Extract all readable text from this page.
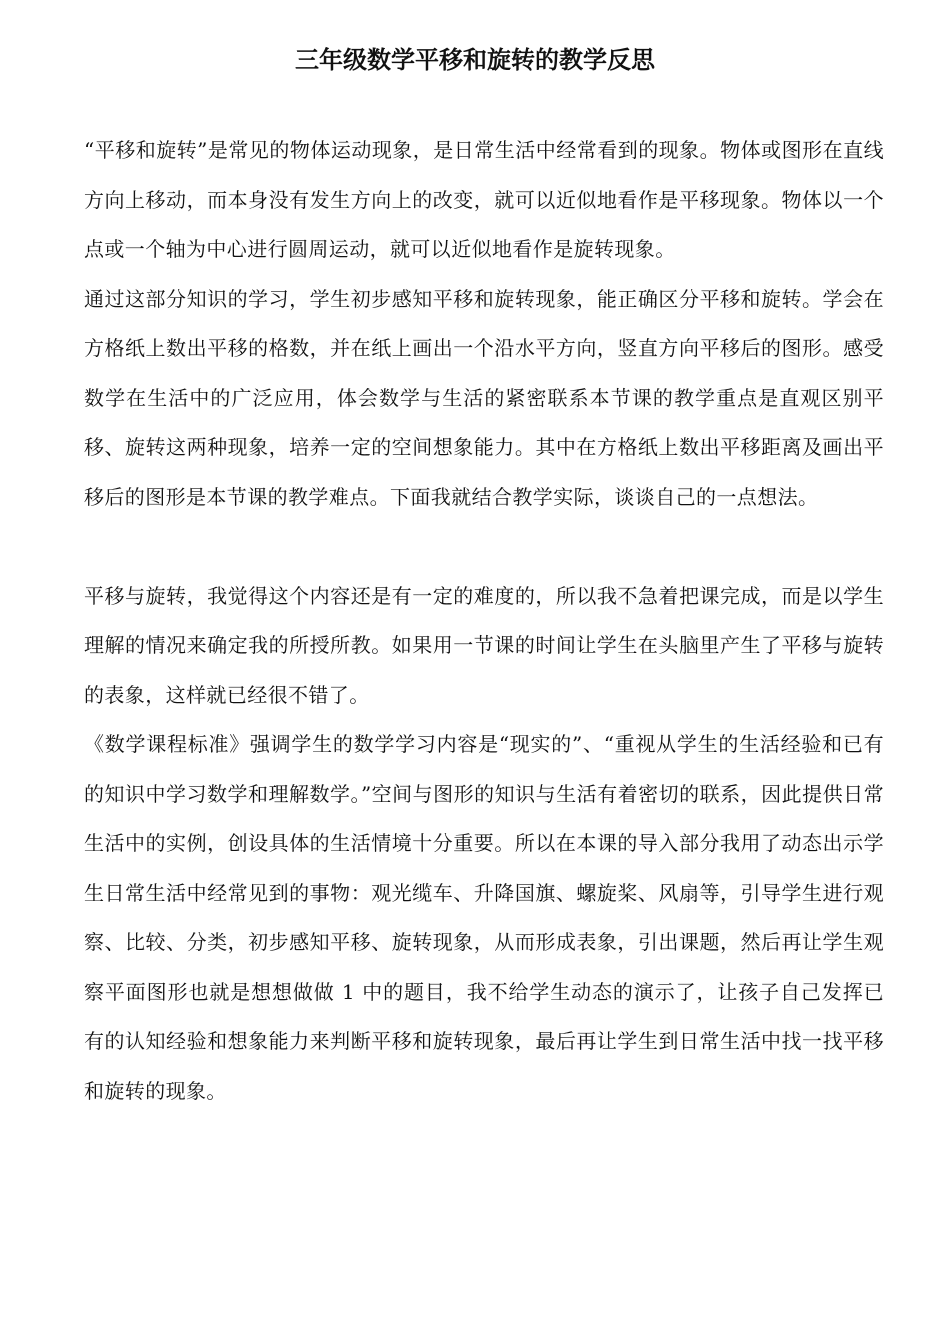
三年级数学平移和旋转的教学反思

“平移和旋转”是常见的物体运动现象，是日常生活中经常看到的现象。物体或图形在直线方向上移动，而本身没有发生方向上的改变，就可以近似地看作是平移现象。物体以一个点或一个轴为中心进行圆周运动，就可以近似地看作是旋转现象。

通过这部分知识的学习，学生初步感知平移和旋转现象，能正确区分平移和旋转。学会在方格纸上数出平移的格数，并在纸上画出一个沿水平方向，竖直方向平移后的图形。感受数学在生活中的广泛应用，体会数学与生活的紧密联系本节课的教学重点是直观区别平移、旋转这两种现象，培养一定的空间想象能力。其中在方格纸上数出平移距离及画出平移后的图形是本节课的教学难点。下面我就结合教学实际，谈谈自己的一点想法。

平移与旋转，我觉得这个内容还是有一定的难度的，所以我不急着把课完成，而是以学生理解的情况来确定我的所授所教。如果用一节课的时间让学生在头脑里产生了平移与旋转的表象，这样就已经很不错了。

《数学课程标准》强调学生的数学学习内容是“现实的”、“重视从学生的生活经验和已有的知识中学习数学和理解数学。”空间与图形的知识与生活有着密切的联系，因此提供日常生活中的实例，创设具体的生活情境十分重要。所以在本课的导入部分我用了动态出示学生日常生活中经常见到的事物：观光缆车、升降国旗、螺旋桨、风扇等，引导学生进行观察、比较、分类，初步感知平移、旋转现象，从而形成表象，引出课题，然后再让学生观察平面图形也就是想想做做 1 中的题目，我不给学生动态的演示了，让孩子自己发挥已有的认知经验和想象能力来判断平移和旋转现象，最后再让学生到日常生活中找一找平移和旋转的现象。
